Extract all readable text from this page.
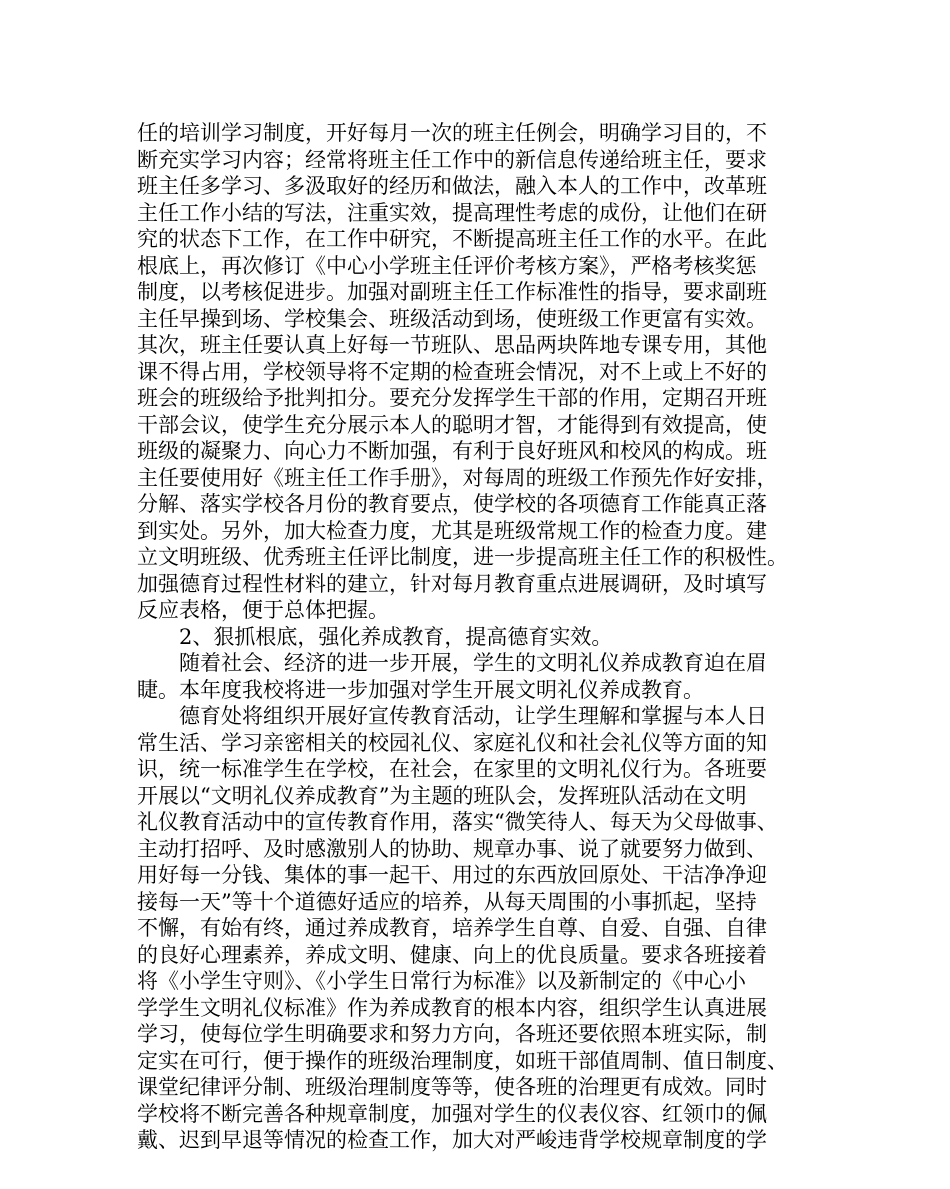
任的培训学习制度，开好每月一次的班主任例会，明确学习目的，不
断充实学习内容；经常将班主任工作中的新信息传递给班主任，要求
班主任多学习、多汲取好的经历和做法，融入本人的工作中，改革班
主任工作小结的写法，注重实效，提高理性考虑的成份，让他们在研
究的状态下工作，在工作中研究，不断提高班主任工作的水平。在此
根底上，再次修订《中心小学班主任评价考核方案》，严格考核奖惩
制度，以考核促进步。加强对副班主任工作标准性的指导，要求副班
主任早操到场、学校集会、班级活动到场，使班级工作更富有实效。
其次，班主任要认真上好每一节班队、思品两块阵地专课专用，其他
课不得占用，学校领导将不定期的检查班会情况，对不上或上不好的
班会的班级给予批判扣分。要充分发挥学生干部的作用，定期召开班
干部会议，使学生充分展示本人的聪明才智，才能得到有效提高，使
班级的凝聚力、向心力不断加强，有利于良好班风和校风的构成。班
主任要使用好《班主任工作手册》，对每周的班级工作预先作好安排，
分解、落实学校各月份的教育要点，使学校的各项德育工作能真正落
到实处。另外，加大检查力度，尤其是班级常规工作的检查力度。建
立文明班级、优秀班主任评比制度，进一步提高班主任工作的积极性。
加强德育过程性材料的建立，针对每月教育重点进展调研，及时填写
反应表格，便于总体把握。
　　2、狠抓根底，强化养成教育，提高德育实效。
　　随着社会、经济的进一步开展，学生的文明礼仪养成教育迫在眉
睫。本年度我校将进一步加强对学生开展文明礼仪养成教育。
　　德育处将组织开展好宣传教育活动，让学生理解和掌握与本人日
常生活、学习亲密相关的校园礼仪、家庭礼仪和社会礼仪等方面的知
识，统一标准学生在学校，在社会，在家里的文明礼仪行为。各班要
开展以“文明礼仪养成教育”为主题的班队会，发挥班队活动在文明
礼仪教育活动中的宣传教育作用，落实“微笑待人、每天为父母做事、
主动打招呼、及时感激别人的协助、规章办事、说了就要努力做到、
用好每一分钱、集体的事一起干、用过的东西放回原处、干洁净净迎
接每一天”等十个道德好适应的培养，从每天周围的小事抓起，坚持
不懈，有始有终，通过养成教育，培养学生自尊、自爱、自强、自律
的良好心理素养，养成文明、健康、向上的优良质量。要求各班接着
将《小学生守则》、《小学生日常行为标准》以及新制定的《中心小
学学生文明礼仪标准》作为养成教育的根本内容，组织学生认真进展
学习，使每位学生明确要求和努力方向，各班还要依照本班实际，制
定实在可行，便于操作的班级治理制度，如班干部值周制、值日制度、
课堂纪律评分制、班级治理制度等等，使各班的治理更有成效。同时
学校将不断完善各种规章制度，加强对学生的仪表仪容、红领巾的佩
戴、迟到早退等情况的检查工作，加大对严峻违背学校规章制度的学
